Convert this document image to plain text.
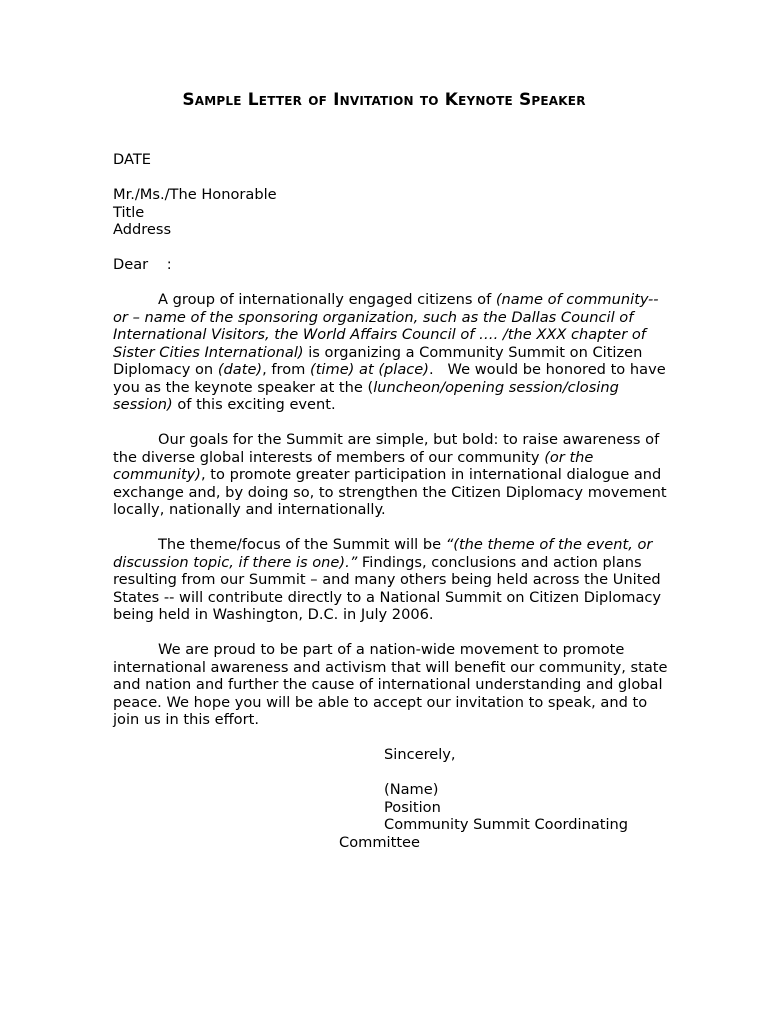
Sample Letter of Invitation to Keynote Speaker

DATE

Mr./Ms./The Honorable

Title

Address

Dear    :

A group of internationally engaged citizens of (name of community-- or – name of the sponsoring organization, such as the Dallas Council of International Visitors, the World Affairs Council of …. /the XXX chapter of Sister Cities International) is organizing a Community Summit on Citizen Diplomacy on (date), from (time) at (place).   We would be honored to have you as the keynote speaker at the (luncheon/opening session/closing session) of this exciting event.

Our goals for the Summit are simple, but bold: to raise awareness of the diverse global interests of members of our community (or the community), to promote greater participation in international dialogue and exchange and, by doing so, to strengthen the Citizen Diplomacy movement locally, nationally and internationally.

The theme/focus of the Summit will be “(the theme of the event, or discussion topic, if there is one).” Findings, conclusions and action plans resulting from our Summit – and many others being held across the United States -- will contribute directly to a National Summit on Citizen Diplomacy being held in Washington, D.C. in July 2006.

We are proud to be part of a nation-wide movement to promote international awareness and activism that will benefit our community, state and nation and further the cause of international understanding and global peace. We hope you will be able to accept our invitation to speak, and to join us in this effort.

Sincerely,

(Name)

Position

Community Summit Coordinating

Committee
